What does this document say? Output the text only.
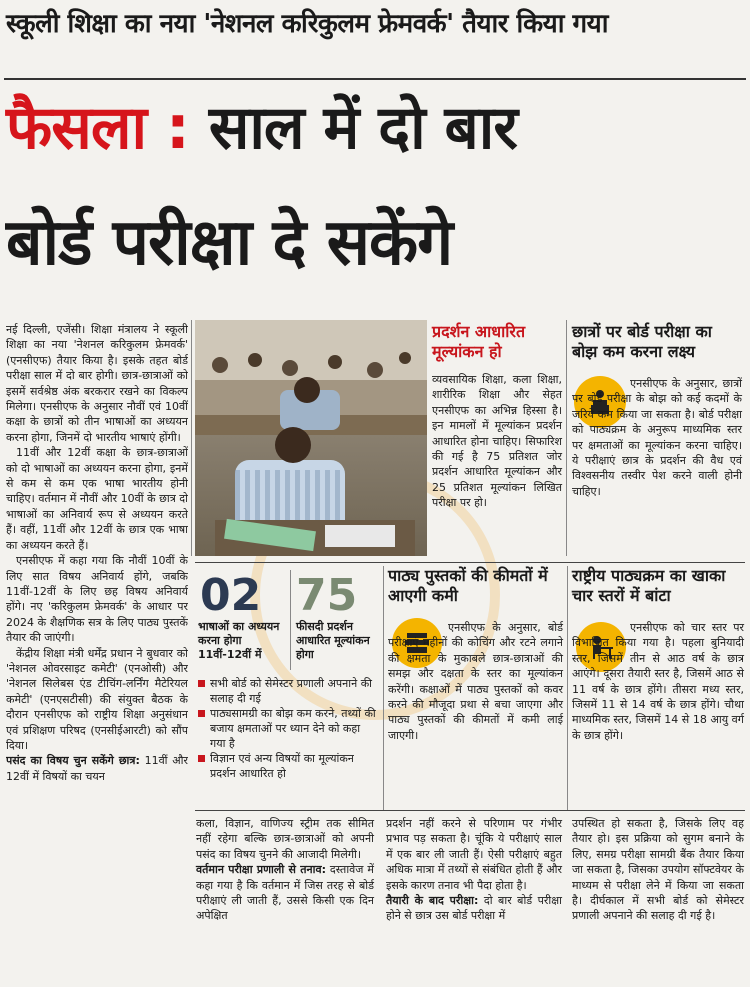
स्कूली शिक्षा का नया 'नेशनल करिकुलम फ्रेमवर्क' तैयार किया गया
फैसला : साल में दो बार
बोर्ड परीक्षा दे सकेंगे

नई दिल्ली, एजेंसी। शिक्षा मंत्रालय ने स्कूली शिक्षा का नया 'नेशनल करिकुलम फ्रेमवर्क' (एनसीएफ) तैयार किया है। इसके तहत बोर्ड परीक्षा साल में दो बार होगी। छात्र-छात्राओं को इसमें सर्वश्रेष्ठ अंक बरकरार रखने का विकल्प मिलेगा। एनसीएफ के अनुसार नौवीं एवं 10वीं कक्षा के छात्रों को तीन भाषाओं का अध्ययन करना होगा, जिनमें दो भारतीय भाषाएं होंगी।

11वीं और 12वीं कक्षा के छात्र-छात्राओं को दो भाषाओं का अध्ययन करना होगा, इनमें से कम से कम एक भाषा भारतीय होनी चाहिए। वर्तमान में नौवीं और 10वीं के छात्र दो भाषाओं का अनिवार्य रूप से अध्ययन करते हैं। वहीं, 11वीं और 12वीं के छात्र एक भाषा का अध्ययन करते हैं।

एनसीएफ में कहा गया कि नौवीं 10वीं के लिए सात विषय अनिवार्य होंगे, जबकि 11वीं-12वीं के लिए छह विषय अनिवार्य होंगे। नए 'करिकुलम फ्रेमवर्क' के आधार पर 2024 के शैक्षणिक सत्र के लिए पाठ्य पुस्तकें तैयार की जाएंगी।

केंद्रीय शिक्षा मंत्री धर्मेंद्र प्रधान ने बुधवार को 'नेशनल ओवरसाइट कमेटी' (एनओसी) और 'नेशनल सिलेबस एंड टीचिंग-लर्निंग मैटेरियल कमेटी' (एनएसटीसी) की संयुक्त बैठक के दौरान एनसीएफ को राष्ट्रीय शिक्षा अनुसंधान एवं प्रशिक्षण परिषद (एनसीईआरटी) को सौंप दिया।

पसंद का विषय चुन सकेंगे छात्र: 11वीं और 12वीं में विषयों का चयन

प्रदर्शन आधारित मूल्यांकन हो
व्यवसायिक शिक्षा, कला शिक्षा, शारीरिक शिक्षा और सेहत एनसीएफ का अभिन्न हिस्सा है। इन मामलों में मूल्यांकन प्रदर्शन आधारित होना चाहिए। सिफारिश की गई है 75 प्रतिशत जोर प्रदर्शन आधारित मूल्यांकन और 25 प्रतिशत मूल्यांकन लिखित परीक्षा पर हो।
छात्रों पर बोर्ड परीक्षा का बोझ कम करना लक्ष्य
एनसीएफ के अनुसार, छात्रों पर बोर्ड परीक्षा के बोझ को कई कदमों के जरिये कम किया जा सकता है। बोर्ड परीक्षा को पाठ्यक्रम के अनुरूप माध्यमिक स्तर पर क्षमताओं का मूल्यांकन करना चाहिए। ये परीक्षाएं छात्र के प्रदर्शन की वैध एवं विश्वसनीय तस्वीर पेश करने वाली होनी चाहिए।
02
भाषाओं का अध्ययन करना होगा 11वीं-12वीं में
75
फीसदी प्रदर्शन आधारित मूल्यांकन होगा
सभी बोर्ड को सेमेस्टर प्रणाली अपनाने की सलाह दी गई
पाठ्यसामग्री का बोझ कम करने, तथ्यों की बजाय क्षमताओं पर ध्यान देने को कहा गया है
विज्ञान एवं अन्य विषयों का मूल्यांकन प्रदर्शन आधारित हो
पाठ्य पुस्तकों की कीमतों में आएगी कमी
एनसीएफ के अनुसार, बोर्ड परीक्षाएं महीनों की कोचिंग और रटने लगाने की क्षमता के मुकाबले छात्र-छात्राओं की समझ और दक्षता के स्तर का मूल्यांकन करेंगी। कक्षाओं में पाठ्य पुस्तकों को कवर करने की मौजूदा प्रथा से बचा जाएगा और पाठ्य पुस्तकों की कीमतों में कमी लाई जाएगी।
राष्ट्रीय पाठ्यक्रम का खाका चार स्तरों में बांटा
एनसीएफ को चार स्तर पर विभाजित किया गया है। पहला बुनियादी स्तर, जिसमें तीन से आठ वर्ष के छात्र आएंगे। दूसरा तैयारी स्तर है, जिसमें आठ से 11 वर्ष के छात्र होंगे। तीसरा मध्य स्तर, जिसमें 11 से 14 वर्ष के छात्र होंगे। चौथा माध्यमिक स्तर, जिसमें 14 से 18 आयु वर्ग के छात्र होंगे।

कला, विज्ञान, वाणिज्य स्ट्रीम तक सीमित नहीं रहेगा बल्कि छात्र-छात्राओं को अपनी पसंद का विषय चुनने की आजादी मिलेगी।

वर्तमान परीक्षा प्रणाली से तनाव: दस्तावेज में कहा गया है कि वर्तमान में जिस तरह से बोर्ड परीक्षाएं ली जाती हैं, उससे किसी एक दिन अपेक्षित

प्रदर्शन नहीं करने से परिणाम पर गंभीर प्रभाव पड़ सकता है। चूंकि ये परीक्षाएं साल में एक बार ली जाती हैं। ऐसी परीक्षाएं बहुत अधिक मात्रा में तथ्यों से संबंधित होती हैं और इसके कारण तनाव भी पैदा होता है।

तैयारी के बाद परीक्षा: दो बार बोर्ड परीक्षा होने से छात्र उस बोर्ड परीक्षा में

उपस्थित हो सकता है, जिसके लिए वह तैयार हो। इस प्रक्रिया को सुगम बनाने के लिए, समग्र परीक्षा सामग्री बैंक तैयार किया जा सकता है, जिसका उपयोग सॉफ्टवेयर के माध्यम से परीक्षा लेने में किया जा सकता है। दीर्घकाल में सभी बोर्ड को सेमेस्टर प्रणाली अपनाने की सलाह दी गई है।
